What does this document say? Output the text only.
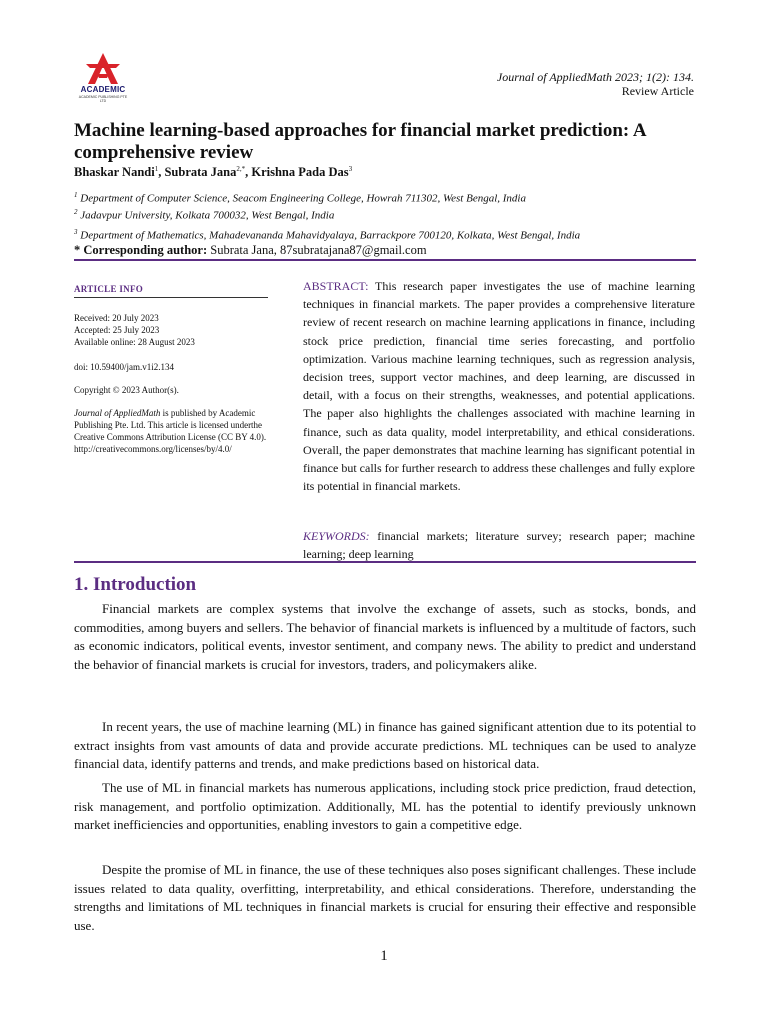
ACADEMIC
ACADEMIC PUBLISHING PTE LTD
Journal of AppliedMath 2023; 1(2): 134.
Review Article
Machine learning-based approaches for financial market prediction: A comprehensive review
Bhaskar Nandi$^1$, Subrata Jana$^{2,*}$, Krishna Pada Das$^3$
$^1$ Department of Computer Science, Seacom Engineering College, Howrah 711302, West Bengal, India
$^2$ Jadavpur University, Kolkata 700032, West Bengal, India
$^3$ Department of Mathematics, Mahadevananda Mahavidyalaya, Barrackpore 700120, Kolkata, West Bengal, India
* Corresponding author: Subrata Jana, 87subratajana87@gmail.com
ARTICLE INFO
Received: 20 July 2023
Accepted: 25 July 2023
Available online: 28 August 2023
doi: 10.59400/jam.v1i2.134
Copyright © 2023 Author(s).
Journal of AppliedMath is published by Academic Publishing Pte. Ltd. This article is licensed underthe Creative Commons Attribution License (CC BY 4.0). http://creativecommons.org/licenses/by/4.0/
ABSTRACT: This research paper investigates the use of machine learning techniques in financial markets. The paper provides a comprehensive literature review of recent research on machine learning applications in finance, including stock price prediction, financial time series forecasting, and portfolio optimization. Various machine learning techniques, such as regression analysis, decision trees, support vector machines, and deep learning, are discussed in detail, with a focus on their strengths, weaknesses, and potential applications. The paper also highlights the challenges associated with machine learning in finance, such as data quality, model interpretability, and ethical considerations. Overall, the paper demonstrates that machine learning has significant potential in finance but calls for further research to address these challenges and fully explore its potential in financial markets.
KEYWORDS: financial markets; literature survey; research paper; machine learning; deep learning
1. Introduction

Financial markets are complex systems that involve the exchange of assets, such as stocks, bonds, and commodities, among buyers and sellers. The behavior of financial markets is influenced by a multitude of factors, such as economic indicators, political events, investor sentiment, and company news. The ability to predict and understand the behavior of financial markets is crucial for investors, traders, and policymakers alike.

In recent years, the use of machine learning (ML) in finance has gained significant attention due to its potential to extract insights from vast amounts of data and provide accurate predictions. ML techniques can be used to analyze financial data, identify patterns and trends, and make predictions based on historical data.

The use of ML in financial markets has numerous applications, including stock price prediction, fraud detection, risk management, and portfolio optimization. Additionally, ML has the potential to identify previously unknown market inefficiencies and opportunities, enabling investors to gain a competitive edge.

Despite the promise of ML in finance, the use of these techniques also poses significant challenges. These include issues related to data quality, overfitting, interpretability, and ethical considerations. Therefore, understanding the strengths and limitations of ML techniques in financial markets is crucial for ensuring their effective and responsible use.

1
